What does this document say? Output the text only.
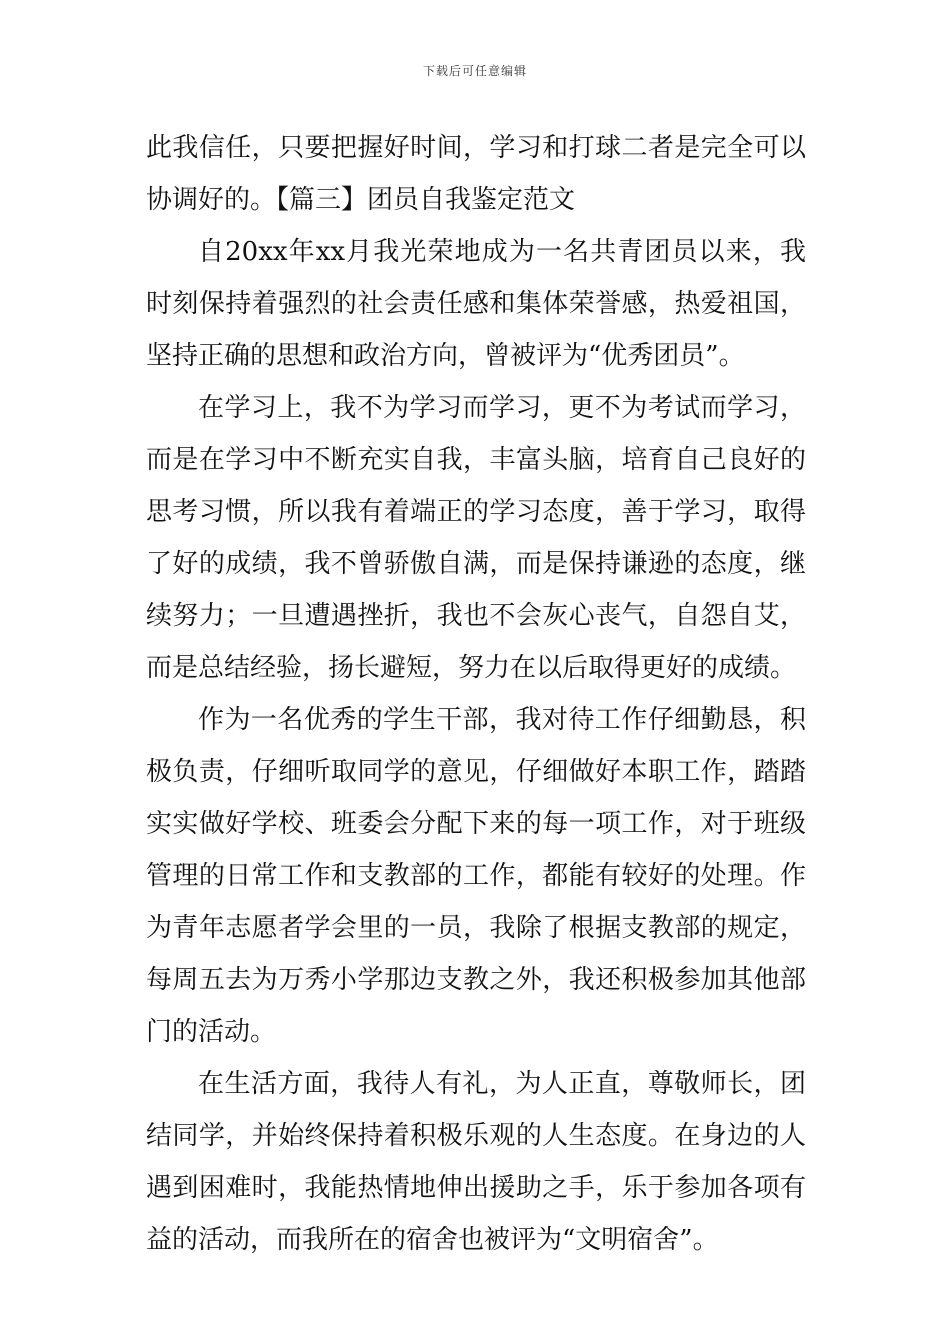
下载后可任意编辑

此我信任，只要把握好时间，学习和打球二者是完全可以协调好的。【篇三】团员自我鉴定范文

自20xx年xx月我光荣地成为一名共青团员以来，我时刻保持着强烈的社会责任感和集体荣誉感，热爱祖国，坚持正确的思想和政治方向，曾被评为“优秀团员”。

在学习上，我不为学习而学习，更不为考试而学习，而是在学习中不断充实自我，丰富头脑，培育自己良好的思考习惯，所以我有着端正的学习态度，善于学习，取得了好的成绩，我不曾骄傲自满，而是保持谦逊的态度，继续努力；一旦遭遇挫折，我也不会灰心丧气，自怨自艾，而是总结经验，扬长避短，努力在以后取得更好的成绩。

作为一名优秀的学生干部，我对待工作仔细勤恳，积极负责，仔细听取同学的意见，仔细做好本职工作，踏踏实实做好学校、班委会分配下来的每一项工作，对于班级管理的日常工作和支教部的工作，都能有较好的处理。作为青年志愿者学会里的一员，我除了根据支教部的规定，每周五去为万秀小学那边支教之外，我还积极参加其他部门的活动。

在生活方面，我待人有礼，为人正直，尊敬师长，团结同学，并始终保持着积极乐观的人生态度。在身边的人遇到困难时，我能热情地伸出援助之手，乐于参加各项有益的活动，而我所在的宿舍也被评为“文明宿舍”。
